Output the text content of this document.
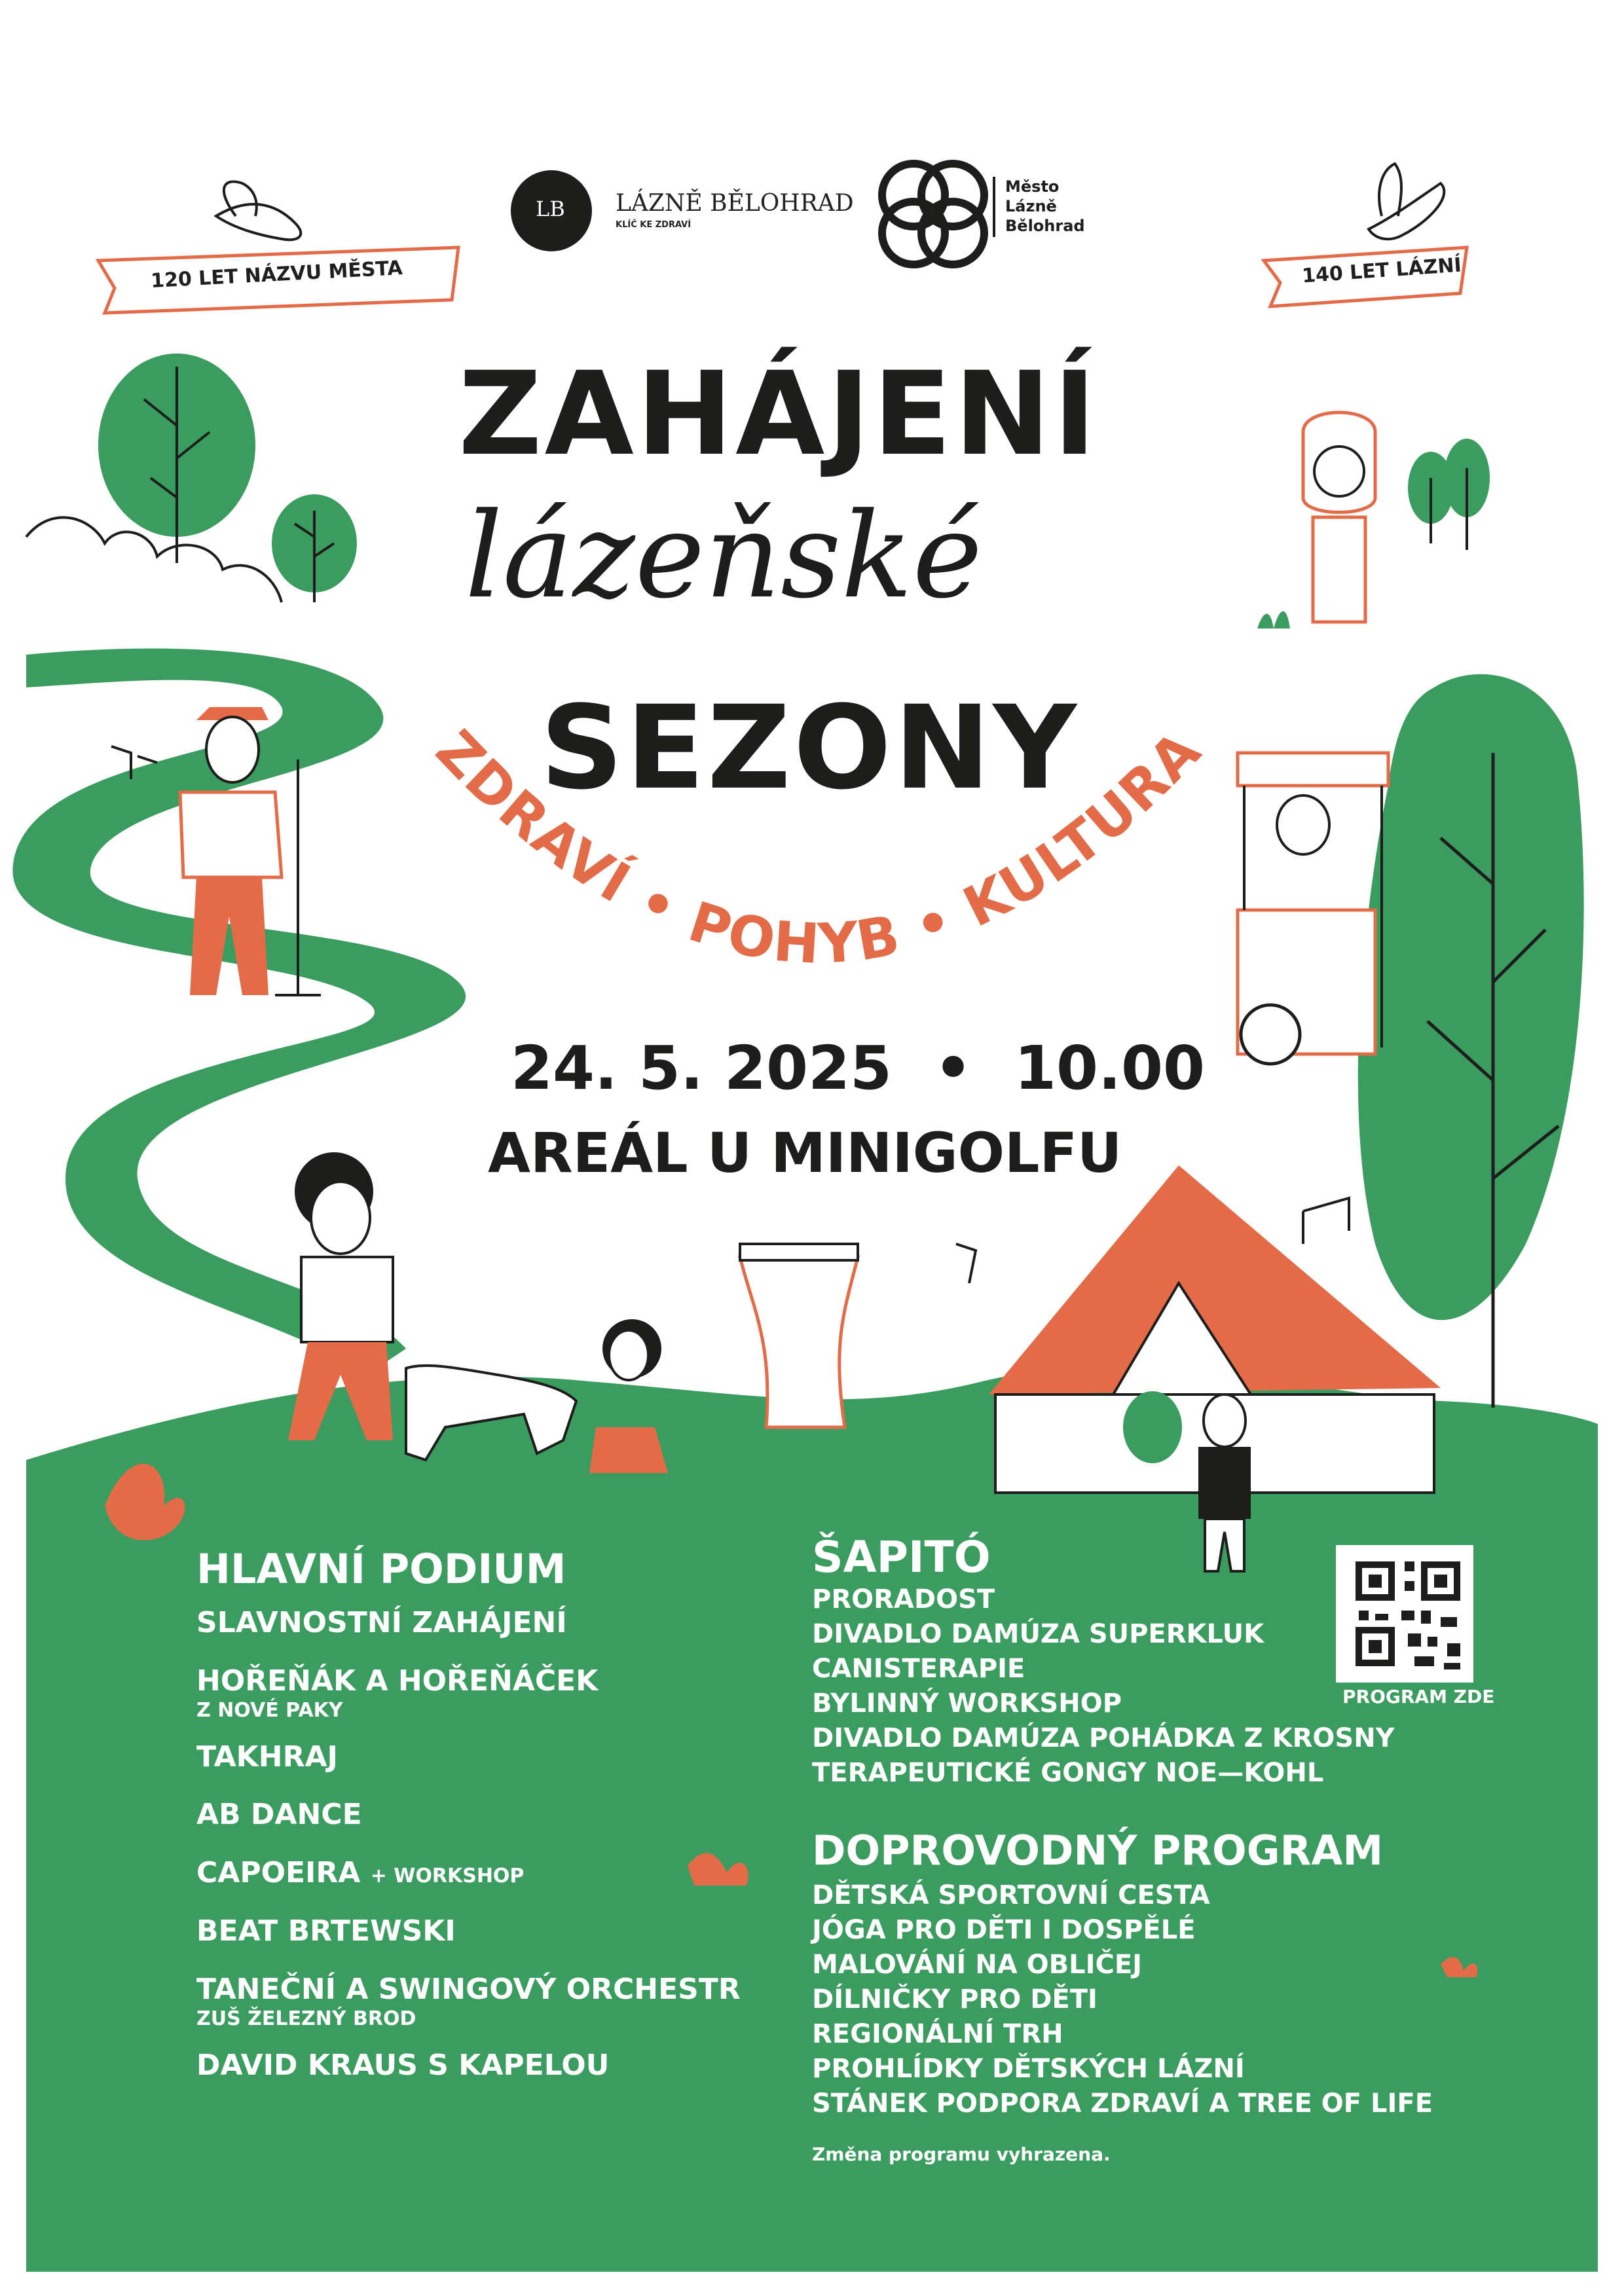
120 LET NÁZVU MĚSTA	140 LET LÁZNÍ
LB LÁZNĚ BĚLOHRAD
KLÍČ KE ZDRAVÍ
Město
Lázně
Bělohrad
ZAHÁJENÍ
lázeňské
SEZONY
ZDRAVÍ • POHYB • KULTURA
24. 5. 2025  •  10.00
AREÁL U MINIGOLFU
HLAVNÍ PODIUM
SLAVNOSTNÍ ZAHÁJENÍ
HOŘEŇÁK A HOŘEŇÁČEK
Z NOVÉ PAKY
TAKHRAJ
AB DANCE
CAPOEIRA + WORKSHOP
BEAT BRTEWSKI
TANEČNÍ A SWINGOVÝ ORCHESTR
ZUŠ ŽELEZNÝ BROD
DAVID KRAUS S KAPELOU
ŠAPITÓ
PRORADOST
DIVADLO DAMÚZA SUPERKLUK
CANISTERAPIE
BYLINNÝ WORKSHOP
DIVADLO DAMÚZA POHÁDKA Z KROSNY
TERAPEUTICKÉ GONGY NOE—KOHL
DOPROVODNÝ PROGRAM
DĚTSKÁ SPORTOVNÍ CESTA
JÓGA PRO DĚTI I DOSPĚLÉ
MALOVÁNÍ NA OBLIČEJ
DÍLNIČKY PRO DĚTI
REGIONÁLNÍ TRH
PROHLÍDKY DĚTSKÝCH LÁZNÍ
STÁNEK PODPORA ZDRAVÍ A TREE OF LIFE
Změna programu vyhrazena.
PROGRAM ZDE
